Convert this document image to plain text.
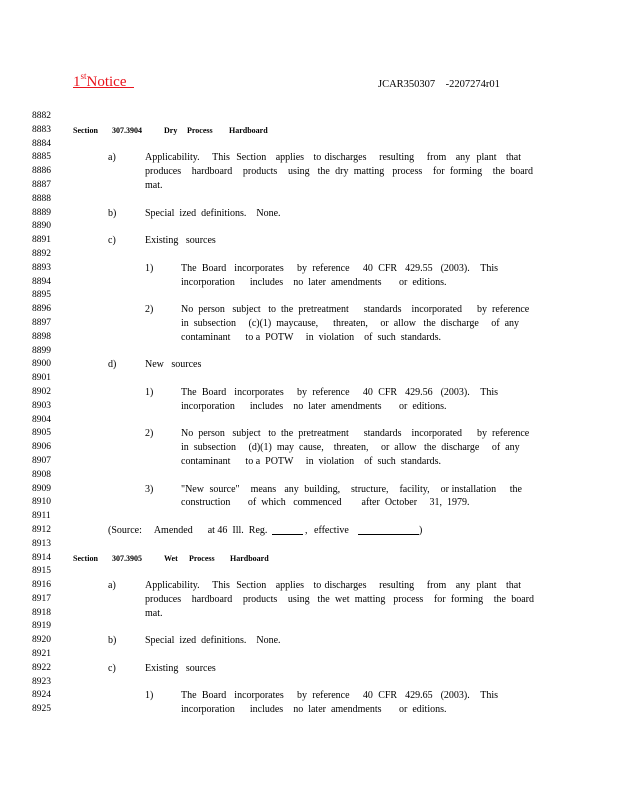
1stNotice	JCAR350307    -2207274r01
8882
8883	Section 307.3904	Dry Process Hardboard
8884
8885	a)	Applicability.    This  Section   applies   to discharges    resulting    from   any  plant   that
8886	produces    hardboard    products    using   the  dry  matting   process    for  forming    the  board
8887	mat.
8888
8889	b)	Special  ized  definitions.    None.
8890
8891	c)	Existing   sources
8892
8893	1)	The  Board   incorporates     by  reference     40  CFR   429.55   (2003).    This
8894	incorporation      includes    no  later  amendments       or  editions.
8895
8896	2)	No  person   subject   to  the  pretreatment      standards    incorporated      by  reference
8897	in  subsection     (c)(1)  maycause,      threaten,     or  allow   the  discharge     of  any
8898	contaminant      to a  POTW     in  violation    of  such  standards.
8899
8900	d)	New   sources
8901
8902	1)	The  Board   incorporates     by  reference     40  CFR   429.56   (2003).    This
8903	incorporation      includes    no  later  amendments       or  editions.
8904
8905	2)	No  person   subject   to  the  pretreatment      standards    incorporated      by  reference
8906	in  subsection     (d)(1)  may  cause,    threaten,     or  allow   the  discharge     of  any
8907	contaminant      to a  POTW     in  violation    of  such  standards.
8908
8909	3)	"New  source"    means   any  building,    structure,    facility,    or installation     the
8910	construction       of  which   commenced        after  October     31,  1979.
8911
8912	(Source:     Amended      at 46  Ill.  Reg.	, effective	)
8913
8914	Section 307.3905	Wet Process Hardboard
8915
8916	a)	Applicability.    This  Section   applies   to discharges    resulting    from   any  plant   that
8917	produces    hardboard    products    using   the  wet  matting   process    for  forming    the  board
8918	mat.
8919
8920	b)	Special  ized  definitions.    None.
8921
8922	c)	Existing   sources
8923
8924	1)	The  Board   incorporates     by  reference     40  CFR   429.65   (2003).    This
8925	incorporation      includes    no  later  amendments       or  editions.
